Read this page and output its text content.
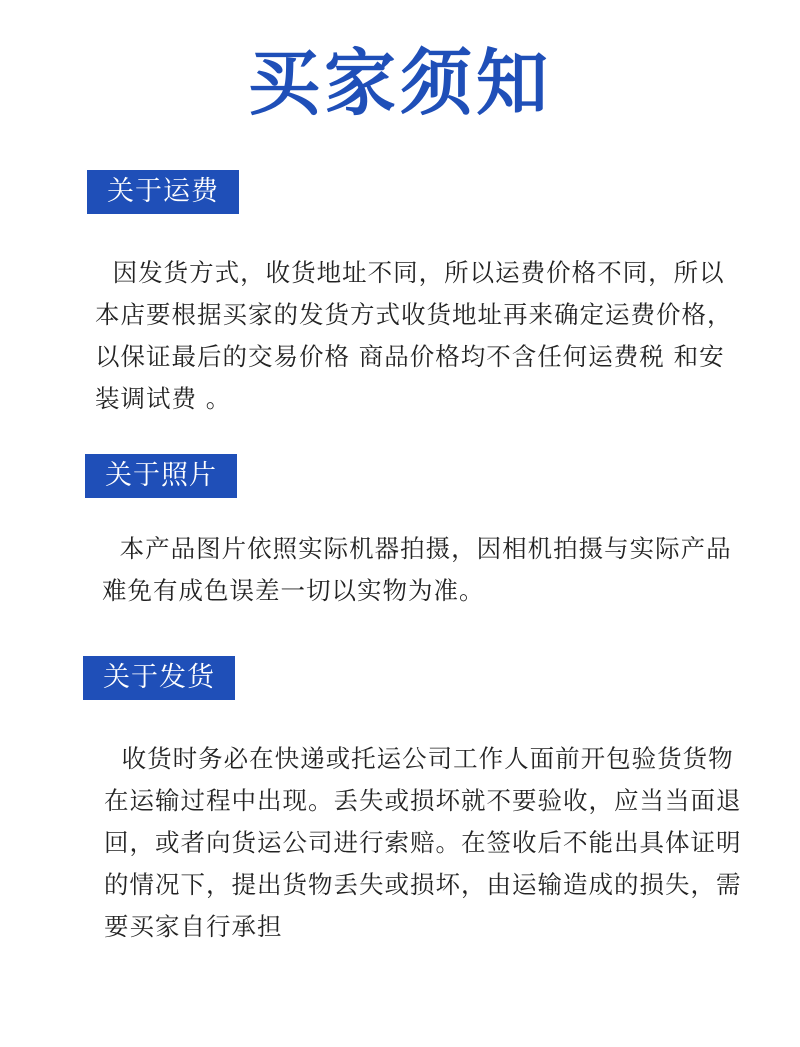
买家须知
关于运费
因发货方式，收货地址不同，所以运费价格不同，所以本店要根据买家的发货方式收货地址再来确定运费价格，以保证最后的交易价格 商品价格均不含任何运费税 和安装调试费 。
关于照片
本产品图片依照实际机器拍摄，因相机拍摄与实际产品难免有成色误差一切以实物为准。
关于发货
收货时务必在快递或托运公司工作人面前开包验货货物在运输过程中出现。丢失或损坏就不要验收，应当当面退回，或者向货运公司进行索赔。在签收后不能出具体证明的情况下，提出货物丢失或损坏，由运输造成的损失，需要买家自行承担
